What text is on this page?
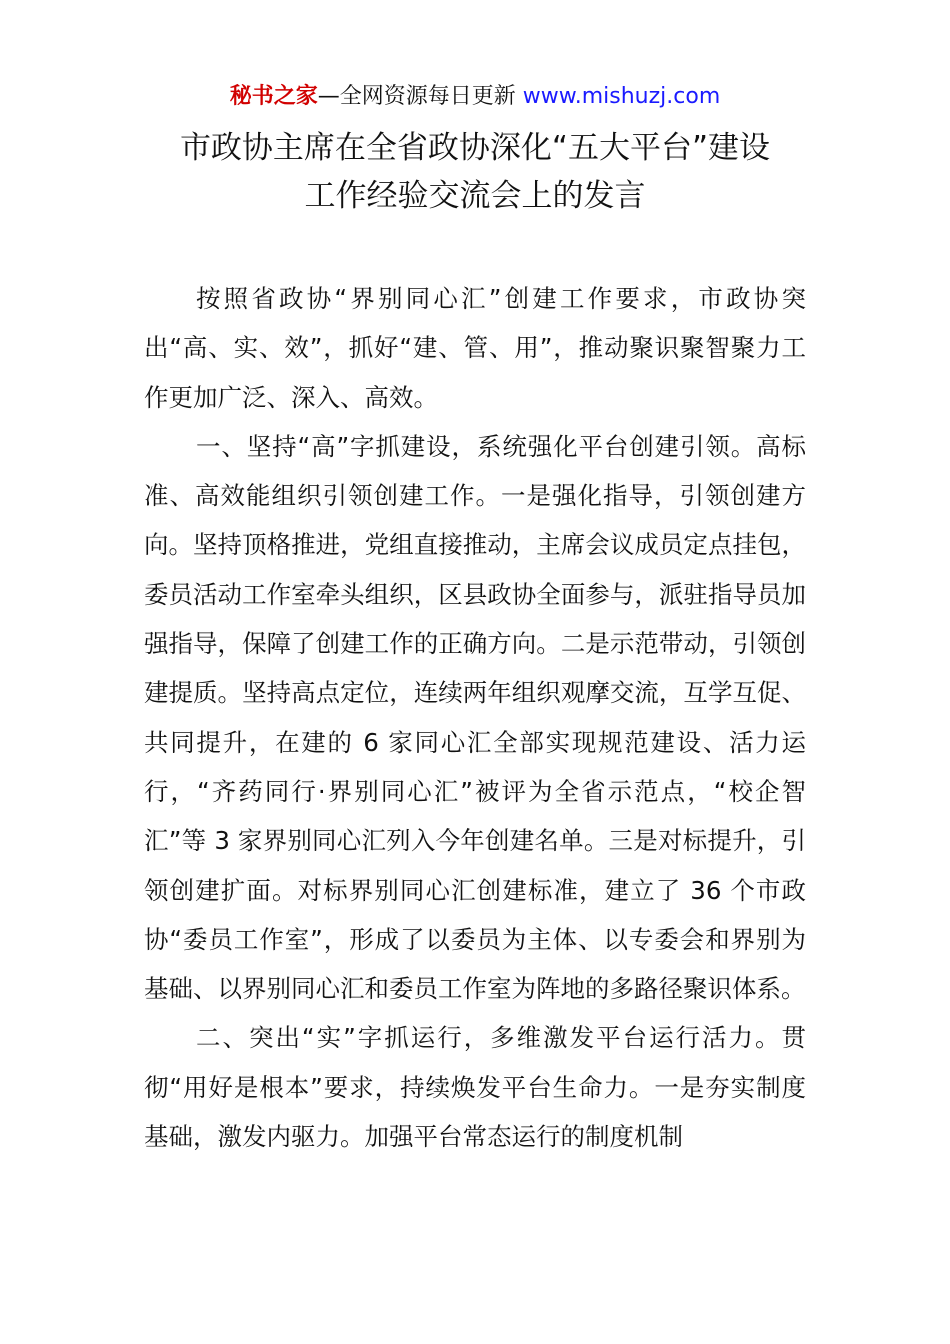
秘书之家—全网资源每日更新 www.mishuzj.com
市政协主席在全省政协深化“五大平台”建设
工作经验交流会上的发言

按照省政协“界别同心汇”创建工作要求，市政协突出“高、实、效”，抓好“建、管、用”，推动聚识聚智聚力工作更加广泛、深入、高效。

一、坚持“高”字抓建设，系统强化平台创建引领。高标准、高效能组织引领创建工作。一是强化指导，引领创建方向。坚持顶格推进，党组直接推动，主席会议成员定点挂包，委员活动工作室牵头组织，区县政协全面参与，派驻指导员加强指导，保障了创建工作的正确方向。二是示范带动，引领创建提质。坚持高点定位，连续两年组织观摩交流，互学互促、共同提升，在建的 6 家同心汇全部实现规范建设、活力运行，“齐药同行·界别同心汇”被评为全省示范点，“校企智汇”等 3 家界别同心汇列入今年创建名单。三是对标提升，引领创建扩面。对标界别同心汇创建标准，建立了 36 个市政协“委员工作室”，形成了以委员为主体、以专委会和界别为基础、以界别同心汇和委员工作室为阵地的多路径聚识体系。

二、突出“实”字抓运行，多维激发平台运行活力。贯彻“用好是根本”要求，持续焕发平台生命力。一是夯实制度基础，激发内驱力。加强平台常态运行的制度机制
